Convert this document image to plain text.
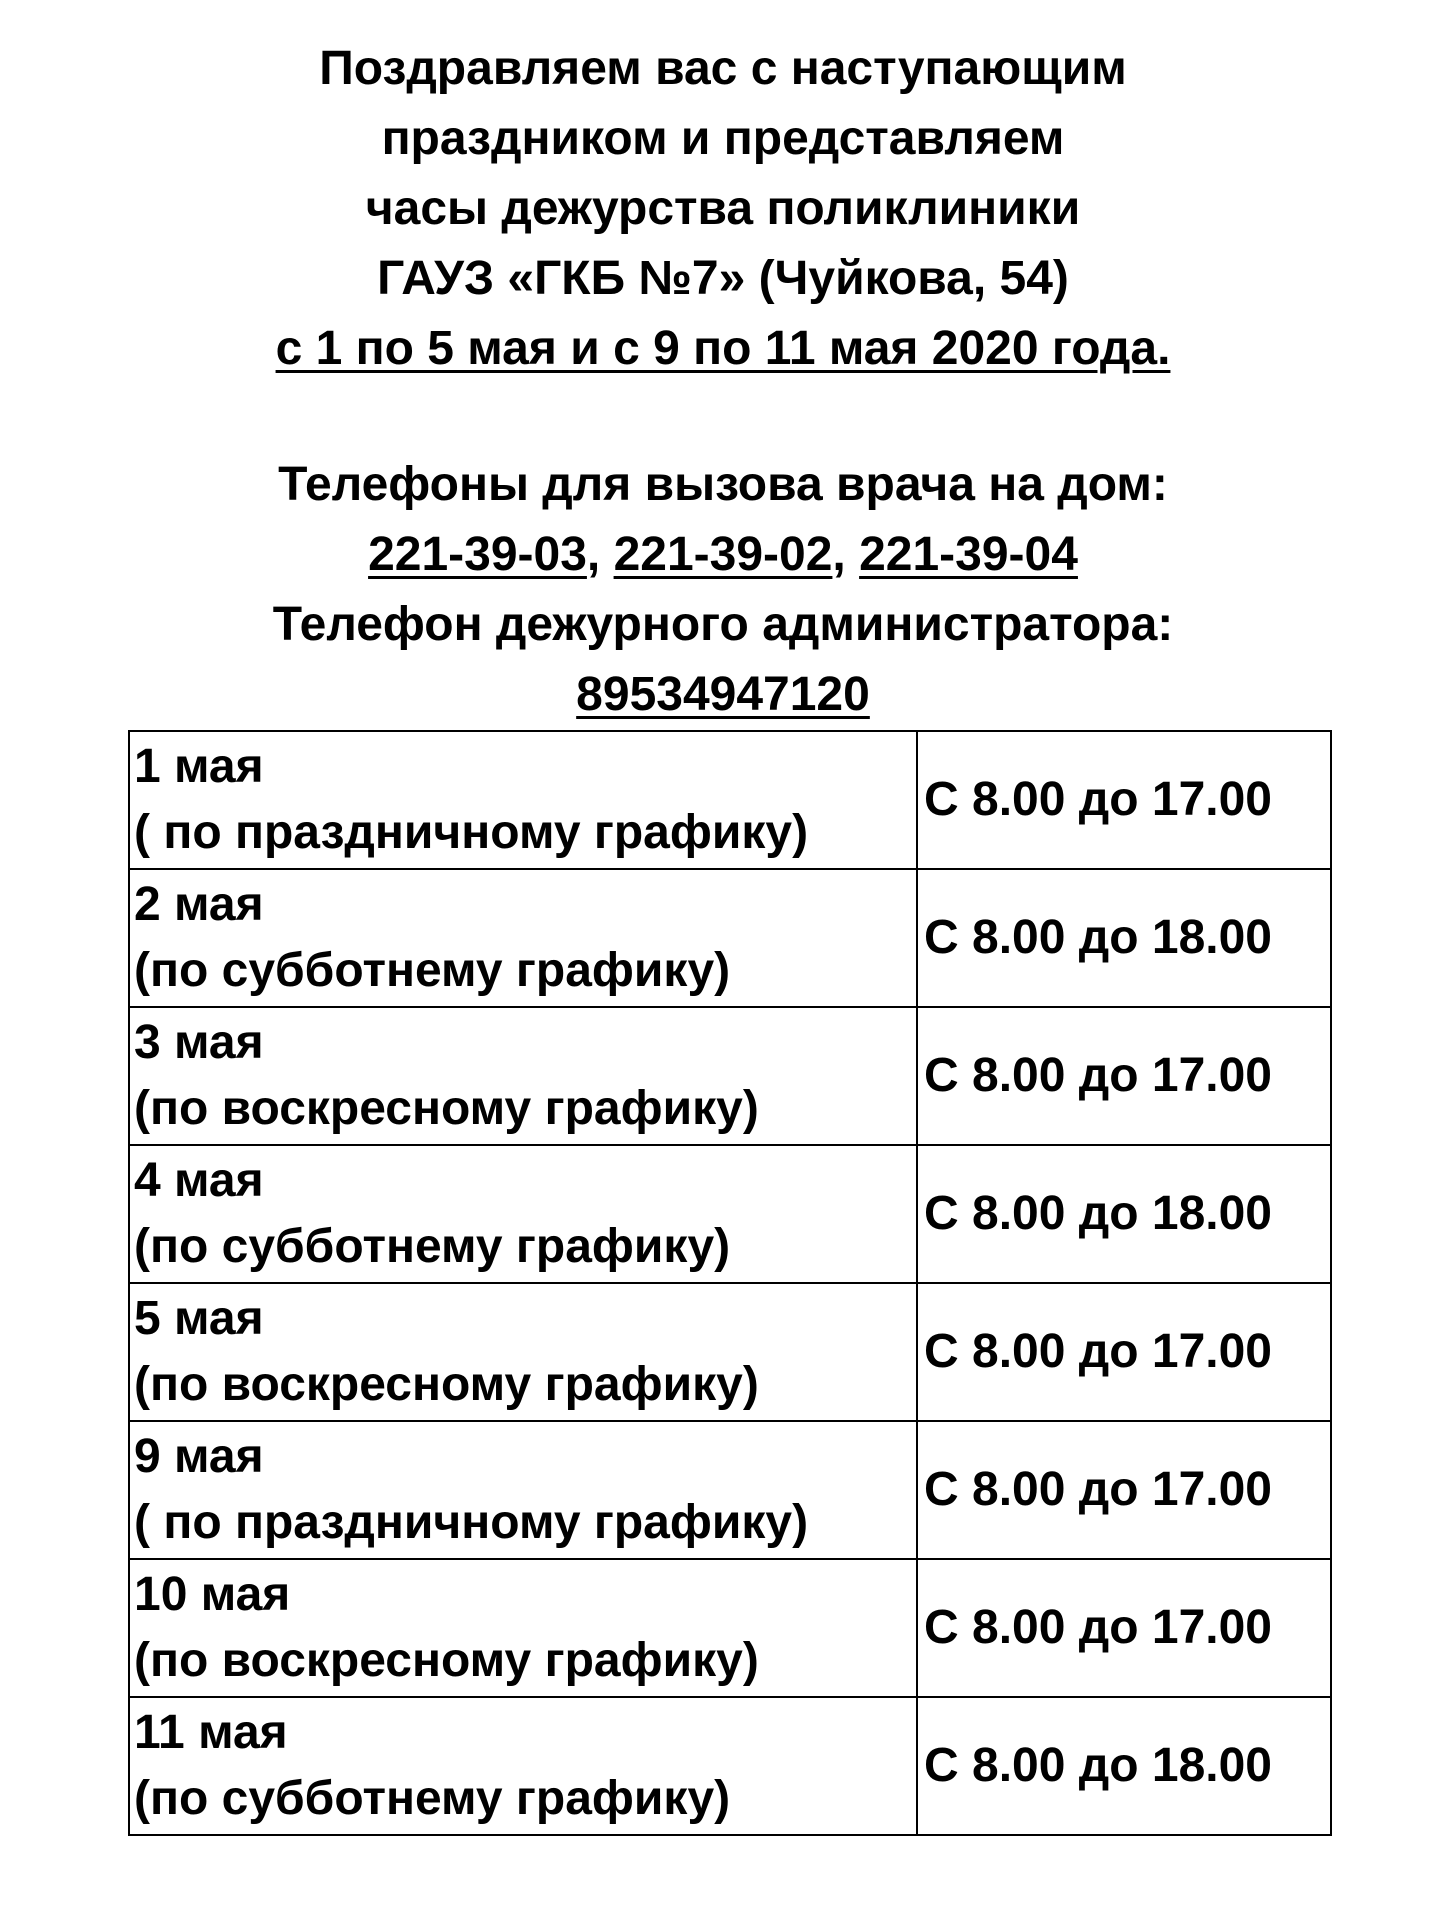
Поздравляем вас с наступающим
праздником и представляем
часы дежурства поликлиники
ГАУЗ «ГКБ №7» (Чуйкова, 54)
с 1 по 5 мая и с 9 по 11 мая 2020 года.
Телефоны для вызова врача на дом:
221-39-03, 221-39-02, 221-39-04
Телефон дежурного администратора:
89534947120
1 мая
( по праздничному графику)	С 8.00 до 17.00

2 мая
(по субботнему графику)	С 8.00 до 18.00

3 мая
(по воскресному графику)	С 8.00 до 17.00

4 мая
(по субботнему графику)	С 8.00 до 18.00

5 мая
(по воскресному графику)	С 8.00 до 17.00

9 мая
( по праздничному графику)	С 8.00 до 17.00

10 мая
(по воскресному графику)	С 8.00 до 17.00

11 мая
(по субботнему графику)	С 8.00 до 18.00
